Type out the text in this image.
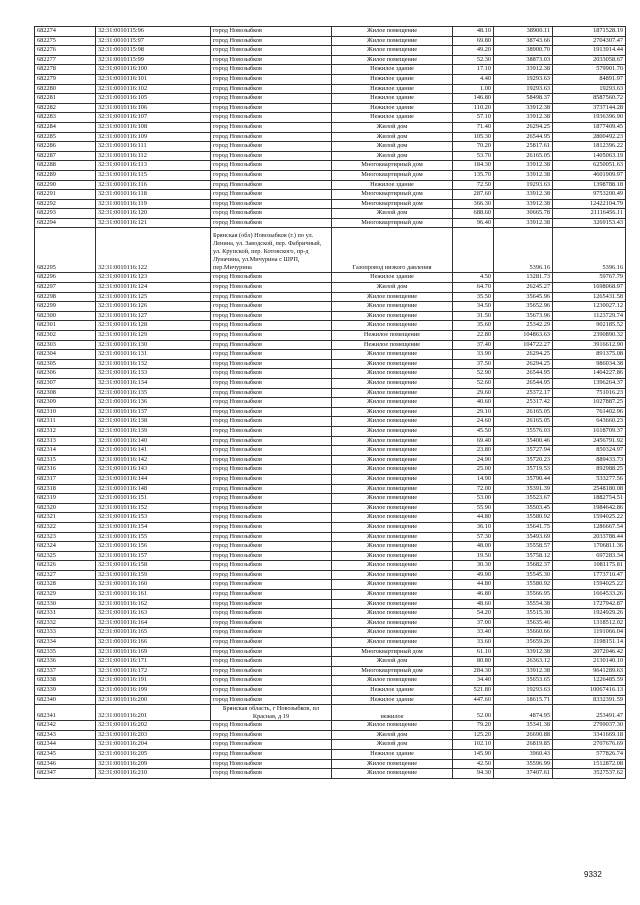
682274	32:31:0010115:96	город Новозыбков	Жилое помещение	48.10	38900.11	1871528.19
682275	32:31:0010115:97	город Новозыбков	Жилое помещение	69.80	38743.66	2704307.47
682276	32:31:0010115:98	город Новозыбков	Жилое помещение	49.20	38900.70	1913914.44
682277	32:31:0010115:99	город Новозыбков	Жилое помещение	52.30	38873.03	2033058.67
682278	32:31:0010116:100	город Новозыбков	Нежилое здание	17.10	33912.38	579901.70
682279	32:31:0010116:101	город Новозыбков	Нежилое здание	4.40	19293.63	84891.97
682280	32:31:0010116:102	город Новозыбков	Нежилое здание	1.00	19293.63	19293.63
682281	32:31:0010116:105	город Новозыбков	Нежилое здание	146.80	58498.37	8587560.72
682282	32:31:0010116:106	город Новозыбков	Нежилое здание	110.20	33912.38	3737144.28
682283	32:31:0010116:107	город Новозыбков	Нежилое здание	57.10	33912.38	1936396.90
682284	32:31:0010116:108	город Новозыбков	Жилой дом	71.40	26294.25	1877409.45
682285	32:31:0010116:109	город Новозыбков	Жилой дом	105.30	26544.95	2800492.23
682286	32:31:0010116:111	город Новозыбков	Жилой дом	70.20	25817.61	1812396.22
682287	32:31:0010116:112	город Новозыбков	Жилой дом	53.70	26165.05	1405063.19
682288	32:31:0010116:113	город Новозыбков	Многоквартирный дом	184.30	33912.38	6250051.63
682289	32:31:0010116:115	город Новозыбков	Многоквартирный дом	135.70	33912.38	4601909.97
682290	32:31:0010116:116	город Новозыбков	Нежилое здание	72.50	19293.63	1398788.18
682291	32:31:0010116:118	город Новозыбков	Многоквартирный дом	287.60	33912.38	9753200.49
682292	32:31:0010116:119	город Новозыбков	Многоквартирный дом	366.30	33912.38	12422104.79
682293	32:31:0010116:120	город Новозыбков	Жилой дом	688.60	30665.78	21116456.11
682294	32:31:0010116:121	город Новозыбков	Многоквартирный дом	96.40	33912.38	3269153.43
682295	32:31:0010116:122	Брянская (обл) Новозыбков (г.) по ул. Ленина, ул. Заводской, пер. Фабричный, ул. Крупской, пер. Котовского, пр-д Луначина, ул.Мичурина с ШРП, пер.Мичурина	Газопровод низкого давления		5396.16	5396.16
682296	32:31:0010116:123	город Новозыбков	Нежилое здание	4.50	13281.73	59767.79
682297	32:31:0010116:124	город Новозыбков	Жилой дом	64.70	26245.27	1698068.97
682298	32:31:0010116:125	город Новозыбков	Жилое помещение	35.50	35645.96	1265431.58
682299	32:31:0010116:126	город Новозыбков	Жилое помещение	34.50	35652.96	1230027.12
682300	32:31:0010116:127	город Новозыбков	Жилое помещение	31.50	35673.96	1123729.74
682301	32:31:0010116:128	город Новозыбков	Жилое помещение	35.60	25342.29	902185.52
682302	32:31:0010116:129	город Новозыбков	Нежилое помещение	22.80	104863.63	2390890.32
682303	32:31:0010116:130	город Новозыбков	Нежилое помещение	37.40	104722.27	3916612.90
682304	32:31:0010116:131	город Новозыбков	Жилое помещение	33.90	26294.25	891375.08
682305	32:31:0010116:132	город Новозыбков	Жилое помещение	37.50	26294.25	986034.38
682306	32:31:0010116:133	город Новозыбков	Жилое помещение	52.90	26544.95	1404227.86
682307	32:31:0010116:134	город Новозыбков	Жилое помещение	52.60	26544.95	1396264.37
682308	32:31:0010116:135	город Новозыбков	Жилое помещение	29.60	25372.17	751016.23
682309	32:31:0010116:136	город Новозыбков	Жилое помещение	40.60	25317.42	1027887.25
682310	32:31:0010116:137	город Новозыбков	Жилое помещение	29.10	26165.05	761402.96
682311	32:31:0010116:138	город Новозыбков	Жилое помещение	24.60	26165.05	643660.23
682312	32:31:0010116:139	город Новозыбков	Жилое помещение	45.50	35576.03	1618709.37
682313	32:31:0010116:140	город Новозыбков	Жилое помещение	69.40	35400.46	2456791.92
682314	32:31:0010116:141	город Новозыбков	Жилое помещение	23.80	35727.94	850324.97
682315	32:31:0010116:142	город Новозыбков	Жилое помещение	24.90	35720.23	889433.73
682316	32:31:0010116:143	город Новозыбков	Жилое помещение	25.00	35719.53	892988.25
682317	32:31:0010116:144	город Новозыбков	Жилое помещение	14.90	35790.44	533277.56
682318	32:31:0010116:148	город Новозыбков	Жилое помещение	72.00	35391.39	2548180.08
682319	32:31:0010116:151	город Новозыбков	Жилое помещение	53.00	35523.67	1882754.51
682320	32:31:0010116:152	город Новозыбков	Жилое помещение	55.90	35503.45	1984642.86
682321	32:31:0010116:153	город Новозыбков	Жилое помещение	44.80	35580.92	1594025.22
682322	32:31:0010116:154	город Новозыбков	Жилое помещение	36.10	35641.75	1286667.54
682323	32:31:0010116:155	город Новозыбков	Жилое помещение	57.30	35493.69	2033788.44
682324	32:31:0010116:156	город Новозыбков	Жилое помещение	48.00	35558.57	1706811.36
682325	32:31:0010116:157	город Новозыбков	Жилое помещение	19.50	35758.12	697283.34
682326	32:31:0010116:158	город Новозыбков	Жилое помещение	30.30	35682.37	1081175.81
682327	32:31:0010116:159	город Новозыбков	Жилое помещение	49.90	35545.30	1773710.47
682328	32:31:0010116:160	город Новозыбков	Жилое помещение	44.80	35580.92	1594025.22
682329	32:31:0010116:161	город Новозыбков	Жилое помещение	46.80	35566.95	1664533.26
682330	32:31:0010116:162	город Новозыбков	Жилое помещение	48.60	35554.38	1727942.87
682331	32:31:0010116:163	город Новозыбков	Жилое помещение	54.20	35515.30	1924929.26
682332	32:31:0010116:164	город Новозыбков	Жилое помещение	37.00	35635.46	1318512.02
682333	32:31:0010116:165	город Новозыбков	Жилое помещение	33.40	35660.66	1191066.04
682334	32:31:0010116:166	город Новозыбков	Жилое помещение	33.60	35659.26	1198151.14
682335	32:31:0010116:169	город Новозыбков	Многоквартирный дом	61.10	33912.38	2072046.42
682336	32:31:0010116:171	город Новозыбков	Жилой дом	80.80	26363.12	2130140.10
682337	32:31:0010116:172	город Новозыбков	Многоквартирный дом	284.30	33912.38	9641289.63
682338	32:31:0010116:191	город Новозыбков	Жилое помещение	34.40	35653.65	1226485.59
682339	32:31:0010116:199	город Новозыбков	Нежилое здание	521.80	19293.63	10067416.13
682340	32:31:0010116:200	город Новозыбков	Нежилое здание	447.60	18615.71	8332391.59
682341	32:31:0010116:201	Брянская область, г Новозыбков, пл Красная, д 19	нежилое	52.00	4874.95	253491.47
682342	32:31:0010116:202	город Новозыбков	Жилое помещение	79.20	35341.38	2799037.30
682343	32:31:0010116:203	город Новозыбков	Жилой дом	125.20	26690.88	3341669.18
682344	32:31:0010116:204	город Новозыбков	Жилой дом	102.10	26819.85	2707676.69
682345	32:31:0010116:205	город Новозыбков	Нежилое здание	145.90	3960.43	577826.74
682346	32:31:0010116:209	город Новозыбков	Жилое помещение	42.50	35596.99	1512872.08
682347	32:31:0010116:210	город Новозыбков	Жилое помещение	94.30	37407.61	3527537.62
9332
